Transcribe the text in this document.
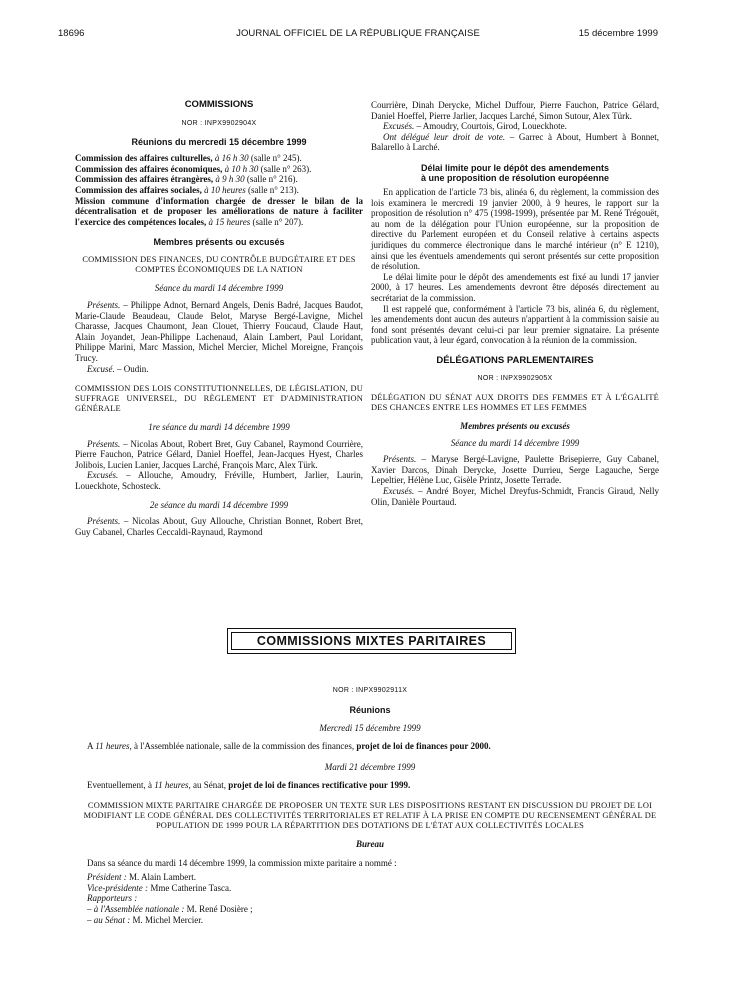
18696	JOURNAL OFFICIEL DE LA RÉPUBLIQUE FRANÇAISE	15 décembre 1999
COMMISSIONS
NOR : INPX9902904X
Réunions du mercredi 15 décembre 1999

Commission des affaires culturelles, à 16 h 30 (salle n° 245).

Commission des affaires économiques, à 10 h 30 (salle n° 263).

Commission des affaires étrangères, à 9 h 30 (salle n° 216).

Commission des affaires sociales, à 10 heures (salle n° 213).

Mission commune d'information chargée de dresser le bilan de la décentralisation et de proposer les améliorations de nature à faciliter l'exercice des compétences locales, à 15 heures (salle n° 207).

Membres présents ou excusés
COMMISSION DES FINANCES, DU CONTRÔLE BUDGÉTAIRE ET DES COMPTES ÉCONOMIQUES DE LA NATION
Séance du mardi 14 décembre 1999

Présents. – Philippe Adnot, Bernard Angels, Denis Badré, Jacques Baudot, Marie-Claude Beaudeau, Claude Belot, Maryse Bergé-Lavigne, Michel Charasse, Jacques Chaumont, Jean Clouet, Thierry Foucaud, Claude Haut, Alain Joyandet, Jean-Philippe Lachenaud, Alain Lambert, Paul Loridant, Philippe Marini, Marc Massion, Michel Mercier, Michel Moreigne, François Trucy.

Excusé. – Oudin.

COMMISSION DES LOIS CONSTITUTIONNELLES, DE LÉGISLATION, DU SUFFRAGE UNIVERSEL, DU RÈGLEMENT ET D'ADMINISTRATION GÉNÉRALE
1re séance du mardi 14 décembre 1999

Présents. – Nicolas About, Robert Bret, Guy Cabanel, Raymond Courrière, Pierre Fauchon, Patrice Gélard, Daniel Hoeffel, Jean-Jacques Hyest, Charles Jolibois, Lucien Lanier, Jacques Larché, François Marc, Alex Türk.

Excusés. – Allouche, Amoudry, Fréville, Humbert, Jarlier, Laurin, Loueckhote, Schosteck.

2e séance du mardi 14 décembre 1999

Présents. – Nicolas About, Guy Allouche, Christian Bonnet, Robert Bret, Guy Cabanel, Charles Ceccaldi-Raynaud, Raymond

Courrière, Dinah Derycke, Michel Duffour, Pierre Fauchon, Patrice Gélard, Daniel Hoeffel, Pierre Jarlier, Jacques Larché, Simon Sutour, Alex Türk.

Excusés. – Amoudry, Courtois, Girod, Loueckhote.

Ont délégué leur droit de vote. – Garrec à About, Humbert à Bonnet, Balarello à Larché.

Délai limite pour le dépôt des amendements
à une proposition de résolution européenne

En application de l'article 73 bis, alinéa 6, du règlement, la commission des lois examinera le mercredi 19 janvier 2000, à 9 heures, le rapport sur la proposition de résolution n° 475 (1998-1999), présentée par M. René Trégouët, au nom de la délégation pour l'Union européenne, sur la proposition de directive du Parlement européen et du Conseil relative à certains aspects juridiques du commerce électronique dans le marché intérieur (n° E 1210), ainsi que les éventuels amendements qui seront présentés sur cette proposition de résolution.

Le délai limite pour le dépôt des amendements est fixé au lundi 17 janvier 2000, à 17 heures. Les amendements devront être déposés directement au secrétariat de la commission.

Il est rappelé que, conformément à l'article 73 bis, alinéa 6, du règlement, les amendements dont aucun des auteurs n'appartient à la commission saisie au fond sont présentés devant celui-ci par leur premier signataire. La présente publication vaut, à leur égard, convocation à la réunion de la commission.

DÉLÉGATIONS PARLEMENTAIRES
NOR : INPX9902905X
DÉLÉGATION DU SÉNAT AUX DROITS DES FEMMES ET À L'ÉGALITÉ DES CHANCES ENTRE LES HOMMES ET LES FEMMES
Membres présents ou excusés
Séance du mardi 14 décembre 1999

Présents. – Maryse Bergé-Lavigne, Paulette Brisepierre, Guy Cabanel, Xavier Darcos, Dinah Derycke, Josette Durrieu, Serge Lagauche, Serge Lepeltier, Hélène Luc, Gisèle Printz, Josette Terrade.

Excusés. – André Boyer, Michel Dreyfus-Schmidt, Francis Giraud, Nelly Olin, Danièle Pourtaud.

COMMISSIONS MIXTES PARITAIRES
NOR : INPX9902911X
Réunions
Mercredi 15 décembre 1999

A 11 heures, à l'Assemblée nationale, salle de la commission des finances, projet de loi de finances pour 2000.

Mardi 21 décembre 1999

Eventuellement, à 11 heures, au Sénat, projet de loi de finances rectificative pour 1999.

COMMISSION MIXTE PARITAIRE CHARGÉE DE PROPOSER UN TEXTE SUR LES DISPOSITIONS RESTANT EN DISCUSSION DU PROJET DE LOI MODIFIANT LE CODE GÉNÉRAL DES COLLECTIVITÉS TERRITORIALES ET RELATIF À LA PRISE EN COMPTE DU RECENSEMENT GÉNÉRAL DE POPULATION DE 1999 POUR LA RÉPARTITION DES DOTATIONS DE L'ÉTAT AUX COLLECTIVITÉS LOCALES
Bureau

Dans sa séance du mardi 14 décembre 1999, la commission mixte paritaire a nommé :

Président : M. Alain Lambert.

Vice-présidente : Mme Catherine Tasca.

Rapporteurs :

– à l'Assemblée nationale : M. René Dosière ;

– au Sénat : M. Michel Mercier.
